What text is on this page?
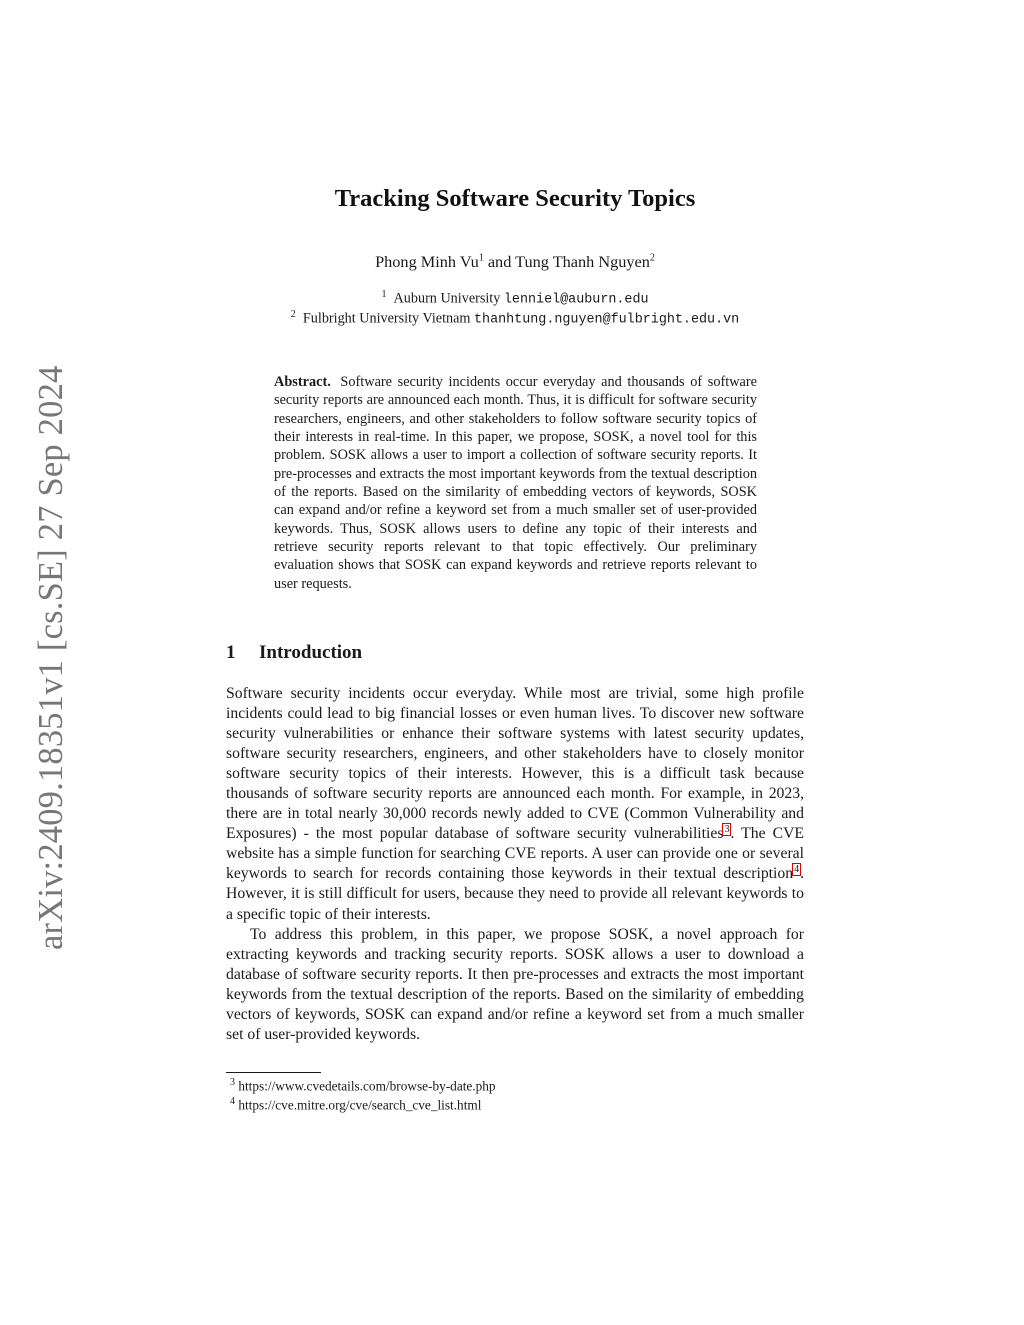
arXiv:2409.18351v1 [cs.SE] 27 Sep 2024
Tracking Software Security Topics
Phong Minh Vu$^1$ and Tung Thanh Nguyen$^2$
$^1$ Auburn University lenniel@auburn.edu
$^2$ Fulbright University Vietnam thanhtung.nguyen@fulbright.edu.vn
Abstract. Software security incidents occur everyday and thousands of software security reports are announced each month. Thus, it is difficult for software security researchers, engineers, and other stakeholders to follow software security topics of their interests in real-time. In this paper, we propose, SOSK, a novel tool for this problem. SOSK allows a user to import a collection of software security reports. It pre-processes and extracts the most important keywords from the textual description of the reports. Based on the similarity of embedding vectors of keywords, SOSK can expand and/or refine a keyword set from a much smaller set of user-provided keywords. Thus, SOSK allows users to define any topic of their interests and retrieve security reports relevant to that topic effectively. Our preliminary evaluation shows that SOSK can expand keywords and retrieve reports relevant to user requests.
1 Introduction

Software security incidents occur everyday. While most are trivial, some high profile incidents could lead to big financial losses or even human lives. To discover new software security vulnerabilities or enhance their software systems with latest security updates, software security researchers, engineers, and other stakeholders have to closely monitor software security topics of their interests. However, this is a difficult task because thousands of software security reports are announced each month. For example, in 2023, there are in total nearly 30,000 records newly added to CVE (Common Vulnerability and Exposures) - the most popular database of software security vulnerabilities$^3$. The CVE website has a simple function for searching CVE reports. A user can provide one or several keywords to search for records containing those keywords in their textual description$^4$. However, it is still difficult for users, because they need to provide all relevant keywords to a specific topic of their interests.

To address this problem, in this paper, we propose SOSK, a novel approach for extracting keywords and tracking security reports. SOSK allows a user to download a database of software security reports. It then pre-processes and extracts the most important keywords from the textual description of the reports. Based on the similarity of embedding vectors of keywords, SOSK can expand and/or refine a keyword set from a much smaller set of user-provided keywords.

$^3$ https://www.cvedetails.com/browse-by-date.php
$^4$ https://cve.mitre.org/cve/search_cve_list.html
